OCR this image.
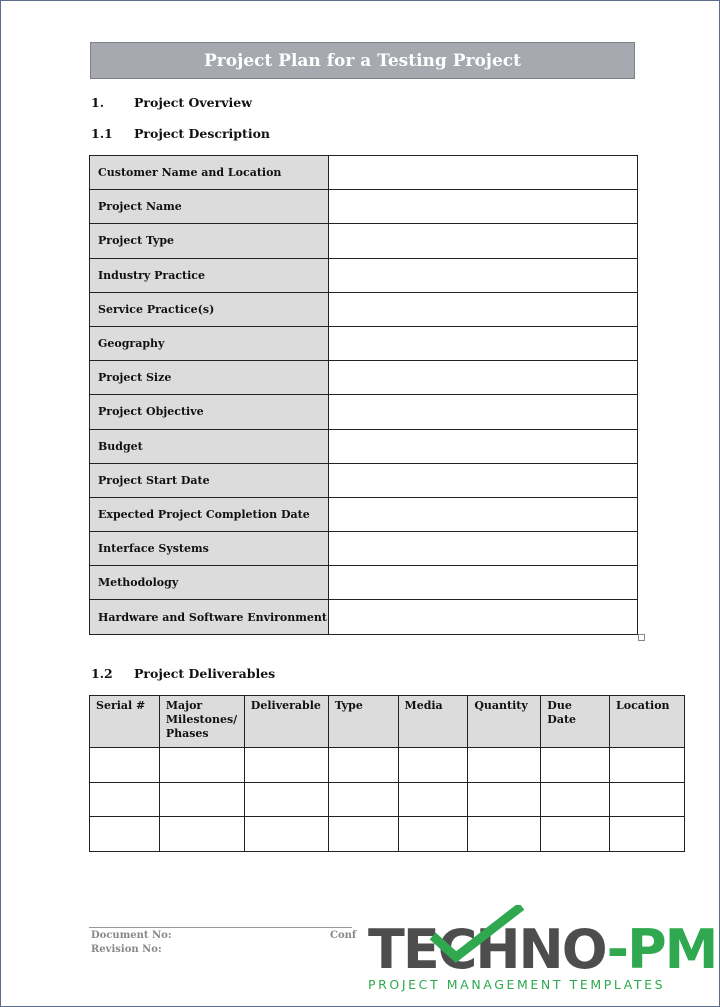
Project Plan for a Testing Project
1. Project Overview
1.1 Project Description
Customer Name and Location	
Project Name	
Project Type	
Industry Practice	
Service Practice(s)	
Geography	
Project Size	
Project Objective	
Budget	
Project Start Date	
Expected Project Completion Date	
Interface Systems	
Methodology	
Hardware and Software Environment	
1.2 Project Deliverables
Serial #	Major Milestones/ Phases	Deliverable	Type	Media	Quantity	Due Date	Location

Document No:
Revision No:
Conf TECHNO-PM
PROJECT MANAGEMENT TEMPLATES
